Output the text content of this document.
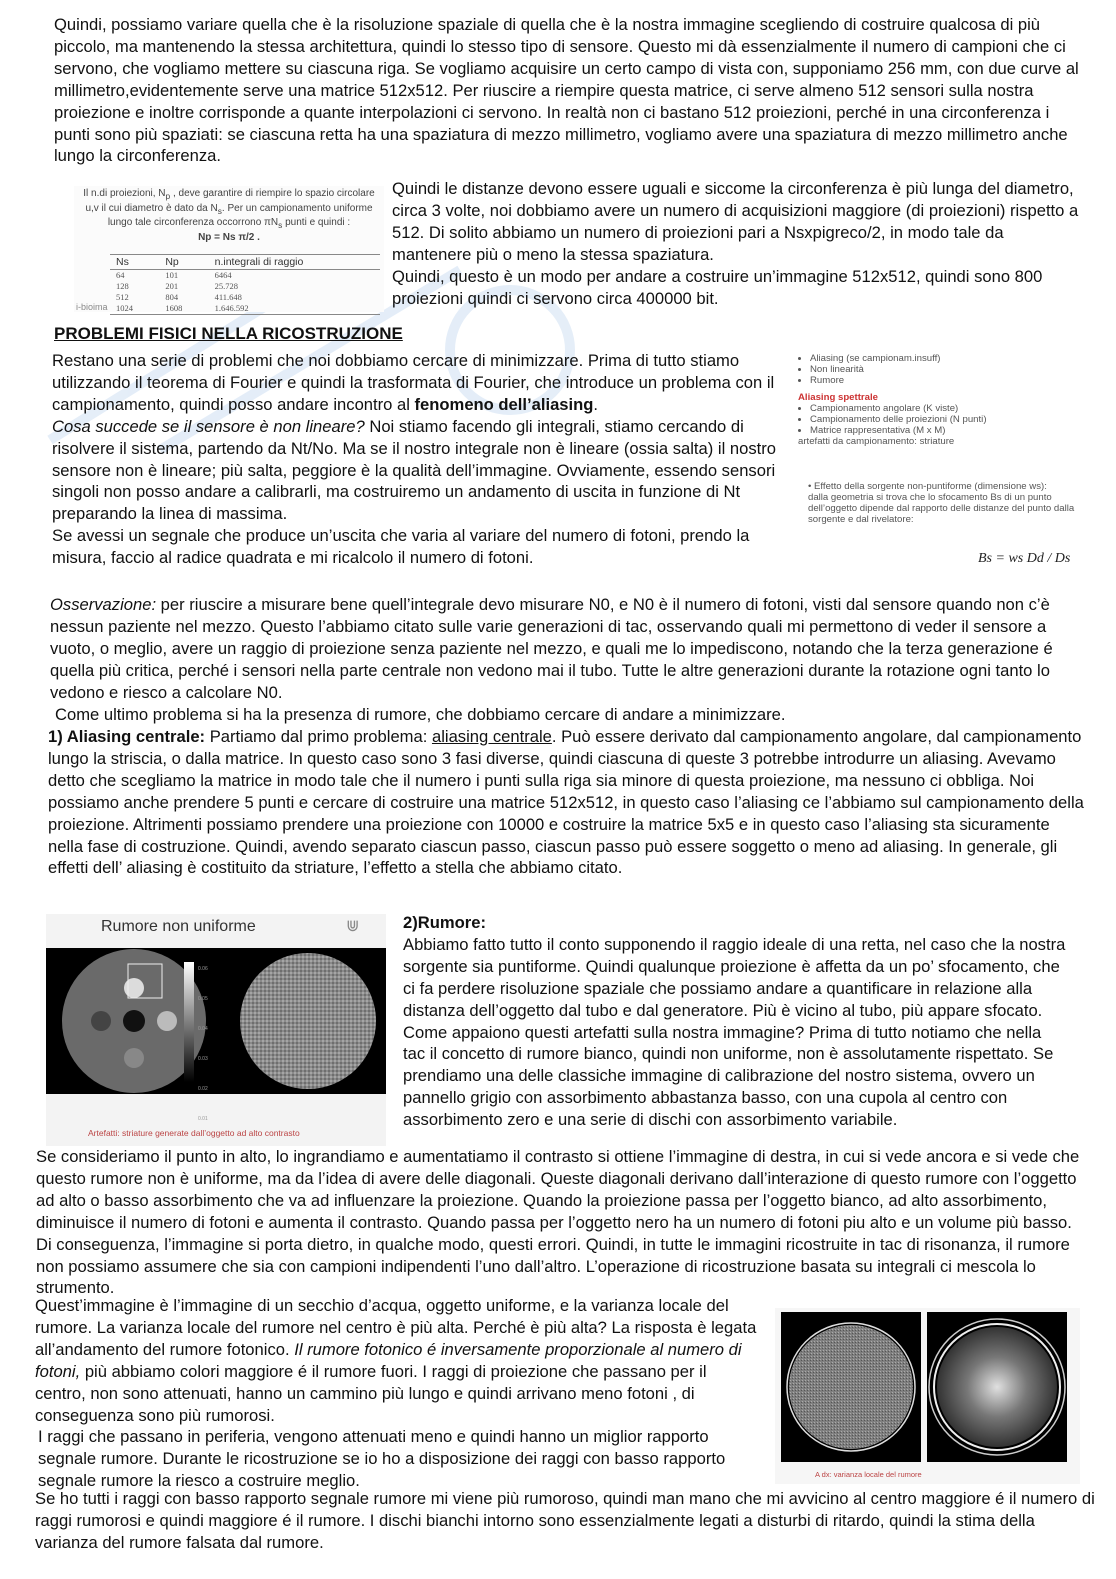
Quindi, possiamo variare quella che è la risoluzione spaziale di quella che è la nostra immagine scegliendo di costruire qualcosa di più piccolo, ma mantenendo la stessa architettura, quindi lo stesso tipo di sensore. Questo mi dà essenzialmente il numero di campioni che ci servono, che vogliamo mettere su ciascuna riga. Se vogliamo acquisire un certo campo di vista con, supponiamo 256 mm, con due curve al millimetro,evidentemente serve una matrice 512x512. Per riuscire a riempire questa matrice, ci serve almeno 512 sensori sulla nostra proiezione e inoltre corrisponde a quante interpolazioni ci servono. In realtà non ci bastano 512 proiezioni, perché in una circonferenza i punti sono più spaziati: se ciascuna retta ha una spaziatura di mezzo millimetro, vogliamo avere una spaziatura di mezzo millimetro anche lungo la circonferenza.

Il n.di proiezioni, $N_p$ , deve garantire di riempire lo spazio circolare u,v il cui diametro è dato da $N_s$. Per un campionamento uniforme lungo tale circonferenza occorrono $\pi N_s$ punti e quindi :
Np = Ns π/2 .
Ns	Np	n.integrali di raggio
64	101	6464
128	201	25.728
512	804	411.648
1024	1608	1.646.592
i-bioima

Quindi le distanze devono essere uguali e siccome la circonferenza è più lunga del diametro, circa 3 volte, noi dobbiamo avere un numero di acquisizioni maggiore (di proiezioni) rispetto a 512. Di solito abbiamo un numero di proiezioni pari a Nsxpigreco/2, in modo tale da mantenere più o meno la stessa spaziatura.

Quindi, questo è un modo per andare a costruire un’immagine 512x512, quindi sono 800 proiezioni quindi ci servono circa 400000 bit.

PROBLEMI FISICI NELLA RICOSTRUZIONE

Restano una serie di problemi che noi dobbiamo cercare di minimizzare. Prima di tutto stiamo utilizzando il teorema di Fourier e quindi la trasformata di Fourier, che introduce un problema con il campionamento, quindi posso andare incontro al fenomeno dell’aliasing.

Cosa succede se il sensore è non lineare? Noi stiamo facendo gli integrali, stiamo cercando di risolvere il sistema, partendo da Nt/No. Ma se il nostro integrale non è lineare (ossia salta) il nostro sensore non è lineare; più salta, peggiore è la qualità dell’immagine. Ovviamente, essendo sensori singoli non posso andare a calibrarli, ma costruiremo un andamento di uscita in funzione di Nt preparando la linea di massima.

Se avessi un segnale che produce un’uscita che varia al variare del numero di fotoni, prendo la misura, faccio al radice quadrata e mi ricalcolo il numero di fotoni.

• Aliasing (se campionam.insuff)
• Non linearità
• Rumore
Aliasing spettrale
• Campionamento angolare (K viste)
• Campionamento delle proiezioni (N punti)
• Matrice rappresentativa (M x M)
artefatti da campionamento: striature
• Effetto della sorgente non-puntiforme (dimensione ws):
dalla geometria si trova che lo sfocamento Bs di un punto dell’oggetto dipende dal rapporto delle distanze del punto dalla sorgente e dal rivelatore:
Bs = ws Dd / Ds

Osservazione: per riuscire a misurare bene quell’integrale devo misurare N0, e N0 è il numero di fotoni, visti dal sensore quando non c’è nessun paziente nel mezzo. Questo l’abbiamo citato sulle varie generazioni di tac, osservando quali mi permettono di veder il sensore a vuoto, o meglio, avere un raggio di proiezione senza paziente nel mezzo, e quali me lo impediscono, notando che la terza generazione é quella più critica, perché i sensori nella parte centrale non vedono mai il tubo. Tutte le altre generazioni durante la rotazione ogni tanto lo vedono e riesco a calcolare N0.

Come ultimo problema si ha la presenza di rumore, che dobbiamo cercare di andare a minimizzare.

1) Aliasing centrale: Partiamo dal primo problema: aliasing centrale. Può essere derivato dal campionamento angolare, dal campionamento lungo la striscia, o dalla matrice. In questo caso sono 3 fasi diverse, quindi ciascuna di queste 3 potrebbe introdurre un aliasing. Avevamo detto che scegliamo la matrice in modo tale che il numero i punti sulla riga sia minore di questa proiezione, ma nessuno ci obbliga. Noi possiamo anche prendere 5 punti e cercare di costruire una matrice 512x512, in questo caso l’aliasing ce l’abbiamo sul campionamento della proiezione. Altrimenti possiamo prendere una proiezione con 10000 e costruire la matrice 5x5 e in questo caso l’aliasing sta sicuramente nella fase di costruzione. Quindi, avendo separato ciascun passo, ciascun passo può essere soggetto o meno ad aliasing. In generale, gli effetti dell’ aliasing è costituito da striature, l’effetto a stella che abbiamo citato.

Rumore non uniforme	⋓
0.06
0.05
0.04
0.03
0.02
0.01
Artefatti: striature generate dall’oggetto ad alto contrasto

2)Rumore:

Abbiamo fatto tutto il conto supponendo il raggio ideale di una retta, nel caso che la nostra sorgente sia puntiforme. Quindi qualunque proiezione è affetta da un po’ sfocamento, che ci fa perdere risoluzione spaziale che possiamo andare a quantificare in relazione alla distanza dell’oggetto dal tubo e dal generatore. Più è vicino al tubo, più appare sfocato. Come appaiono questi artefatti sulla nostra immagine? Prima di tutto notiamo che nella tac il concetto di rumore bianco, quindi non uniforme, non è assolutamente rispettato. Se prendiamo una delle classiche immagine di calibrazione del nostro sistema, ovvero un pannello grigio con assorbimento abbastanza basso, con una cupola al centro con assorbimento zero e una serie di dischi con assorbimento variabile.

Se consideriamo il punto in alto, lo ingrandiamo e aumentatiamo il contrasto si ottiene l’immagine di destra, in cui si vede ancora e si vede che questo rumore non è uniforme, ma da l’idea di avere delle diagonali. Queste diagonali derivano dall’interazione di questo rumore con l’oggetto ad alto o basso assorbimento che va ad influenzare la proiezione. Quando la proiezione passa per l’oggetto bianco, ad alto assorbimento, diminuisce il numero di fotoni e aumenta il contrasto. Quando passa per l’oggetto nero ha un numero di fotoni piu alto e un volume più basso. Di conseguenza, l’immagine si porta dietro, in qualche modo, questi errori. Quindi, in tutte le immagini ricostruite in tac di risonanza, il rumore non possiamo assumere che sia con campioni indipendenti l’uno dall’altro. L’operazione di ricostruzione basata su integrali ci mescola lo strumento.

Quest’immagine è l’immagine di un secchio d’acqua, oggetto uniforme, e la varianza locale del rumore. La varianza locale del rumore nel centro è più alta. Perché è più alta? La risposta è legata all’andamento del rumore fotonico. Il rumore fotonico é inversamente proporzionale al numero di fotoni, più abbiamo colori maggiore é il rumore fuori. I raggi di proiezione che passano per il centro, non sono attenuati, hanno un cammino più lungo e quindi arrivano meno fotoni , di conseguenza sono più rumorosi.

I raggi che passano in periferia, vengono attenuati meno e quindi hanno un miglior rapporto segnale rumore. Durante le ricostruzione se io ho a disposizione dei raggi con basso rapporto segnale rumore la riesco a costruire meglio.	A dx: varianza locale del rumore

Se ho tutti i raggi con basso rapporto segnale rumore mi viene più rumoroso, quindi man mano che mi avvicino al centro maggiore é il numero di raggi rumorosi e quindi maggiore é il rumore. I dischi bianchi intorno sono essenzialmente legati a disturbi di ritardo, quindi la stima della varianza del rumore falsata dal rumore.
